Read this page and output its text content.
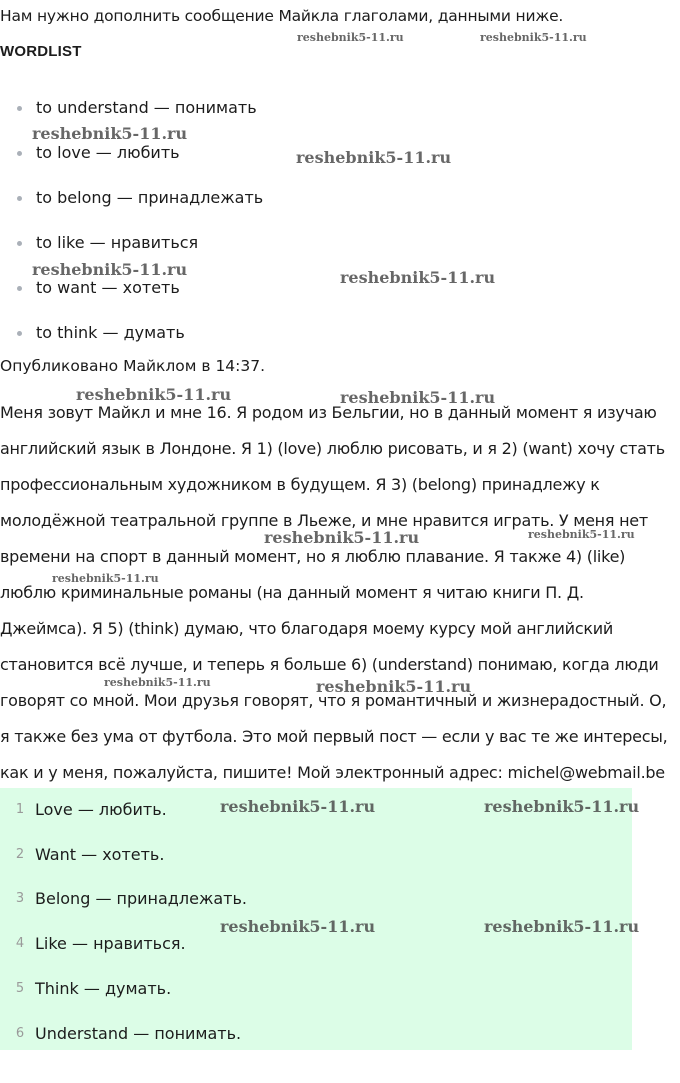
Нам нужно дополнить сообщение Майкла глаголами, данными ниже.
WORDLIST
to understand — понимать
to love — любить
to belong — принадлежать
to like — нравиться
to want — хотеть
to think — думать
Опубликовано Майклом в 14:37.
Меня зовут Майкл и мне 16. Я родом из Бельгии, но в данный момент я изучаю
английский язык в Лондоне. Я 1) (love) люблю рисовать, и я 2) (want) хочу стать
профессиональным художником в будущем. Я 3) (belong) принадлежу к
молодёжной театральной группе в Льеже, и мне нравится играть. У меня нет
времени на спорт в данный момент, но я люблю плавание. Я также 4) (like)
люблю криминальные романы (на данный момент я читаю книги П. Д.
Джеймса). Я 5) (think) думаю, что благодаря моему курсу мой английский
становится всё лучше, и теперь я больше 6) (understand) понимаю, когда люди
говорят со мной. Мои друзья говорят, что я романтичный и жизнерадостный. О,
я также без ума от футбола. Это мой первый пост — если у вас те же интересы,
как и у меня, пожалуйста, пишите! Мой электронный адрес: michel@webmail.be
1 Love — любить.
2 Want — хотеть.
3 Belong — принадлежать.
4 Like — нравиться.
5 Think — думать.
6 Understand — понимать.
reshebnik5-11.ru	reshebnik5-11.ru
reshebnik5-11.ru
reshebnik5-11.ru
reshebnik5-11.ru	reshebnik5-11.ru
reshebnik5-11.ru	reshebnik5-11.ru
reshebnik5-11.ru	reshebnik5-11.ru
reshebnik5-11.ru
reshebnik5-11.ru	reshebnik5-11.ru
reshebnik5-11.ru	reshebnik5-11.ru
reshebnik5-11.ru	reshebnik5-11.ru
